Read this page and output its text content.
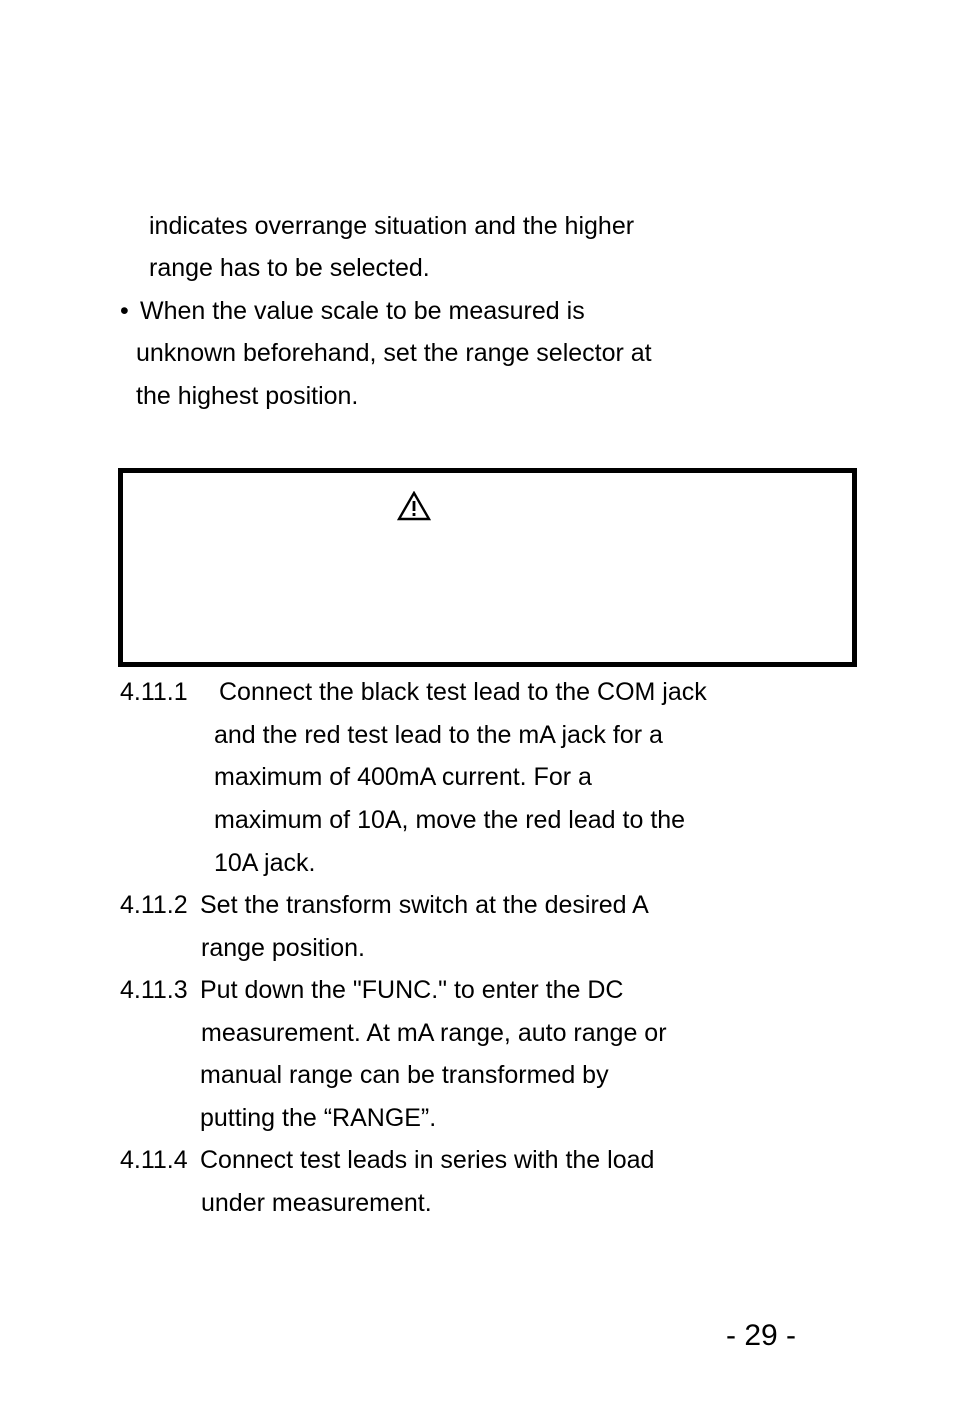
indicates overrange situation and the higher
range has to be selected.
• When the value scale to be measured is
unknown beforehand, set the range selector at
the highest position.
4.11.1 Connect the black test lead to the COM jack
and the red test lead to the mA jack for a
maximum of 400mA current. For a
maximum of 10A, move the red lead to the
10A jack.
4.11.2 Set the transform switch at the desired A
range position.
4.11.3 Put down the "FUNC." to enter the DC
measurement. At mA range, auto range or
manual range can be transformed by
putting the “RANGE”.
4.11.4 Connect test leads in series with the load
under measurement.
- 29 -
